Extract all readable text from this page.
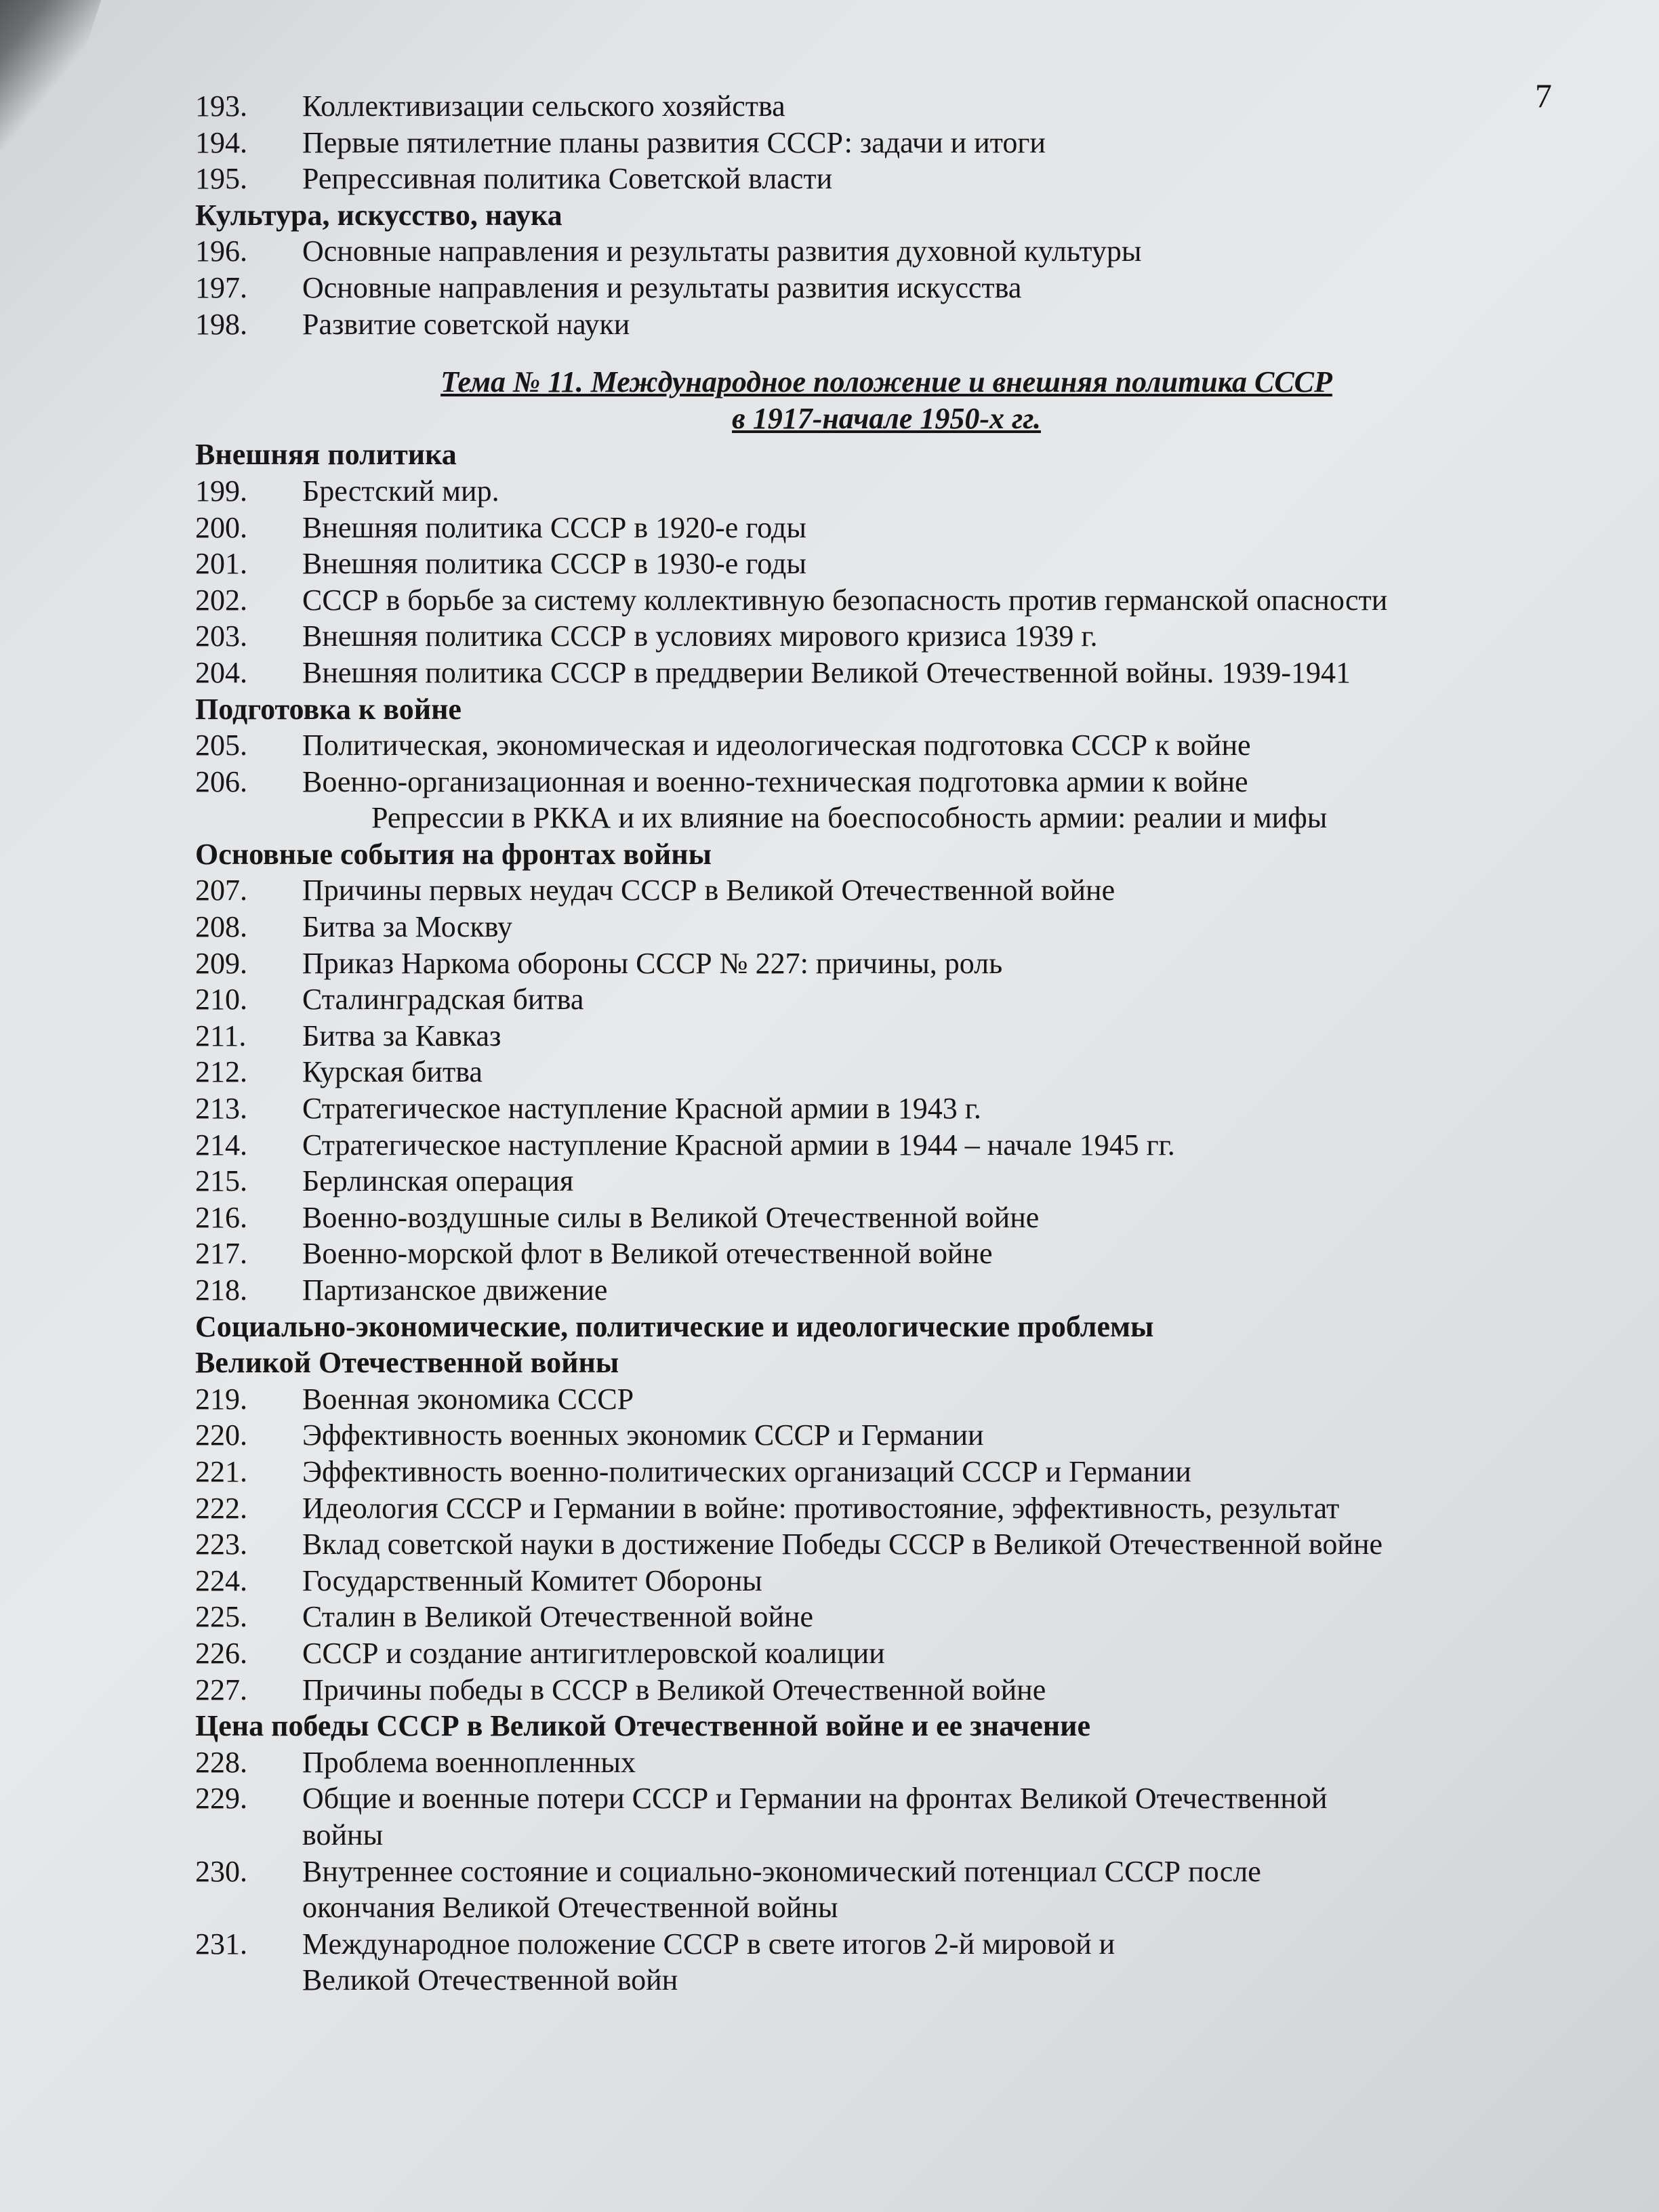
7
193.	Коллективизации сельского хозяйства
194.	Первые пятилетние планы развития СССР: задачи и итоги
195.	Репрессивная политика Советской власти
Культура, искусство, наука
196.	Основные направления и результаты развития духовной культуры
197.	Основные направления и результаты развития искусства
198.	Развитие советской науки
Тема № 11. Международное положение и внешняя политика СССР
в 1917-начале 1950-х гг.
Внешняя политика
199.	Брестский мир.
200.	Внешняя политика СССР в 1920-е годы
201.	Внешняя политика СССР в 1930-е годы
202.	СССР в борьбе за систему коллективную безопасность против германской опасности
203.	Внешняя политика СССР в условиях мирового кризиса 1939 г.
204.	Внешняя политика СССР в преддверии Великой Отечественной войны. 1939-1941
Подготовка к войне
205.	Политическая, экономическая и идеологическая подготовка СССР к войне
206.	Военно-организационная и военно-техническая подготовка армии к войне
Репрессии в РККА и их влияние на боеспособность армии: реалии и мифы
Основные события на фронтах войны
207.	Причины первых неудач СССР в Великой Отечественной войне
208.	Битва за Москву
209.	Приказ Наркома обороны СССР № 227: причины, роль
210.	Сталинградская битва
211.	Битва за Кавказ
212.	Курская битва
213.	Стратегическое наступление Красной армии в 1943 г.
214.	Стратегическое наступление Красной армии в 1944 – начале 1945 гг.
215.	Берлинская операция
216.	Военно-воздушные силы в Великой Отечественной войне
217.	Военно-морской флот в Великой отечественной войне
218.	Партизанское движение
Социально-экономические, политические и идеологические проблемы
Великой Отечественной войны
219.	Военная экономика СССР
220.	Эффективность военных экономик СССР и Германии
221.	Эффективность военно-политических организаций СССР и Германии
222.	Идеология СССР и Германии в войне: противостояние, эффективность, результат
223.	Вклад советской науки в достижение Победы СССР в Великой Отечественной войне
224.	Государственный Комитет Обороны
225.	Сталин в Великой Отечественной войне
226.	СССР и создание антигитлеровской коалиции
227.	Причины победы в СССР в Великой Отечественной войне
Цена победы СССР в Великой Отечественной войне и ее значение
228.	Проблема военнопленных
229.	Общие и военные потери СССР и Германии на фронтах Великой Отечественной
войны
230.	Внутреннее состояние и социально-экономический потенциал СССР после
окончания Великой Отечественной войны
231.	Международное положение СССР в свете итогов 2-й мировой и
Великой Отечественной войн
